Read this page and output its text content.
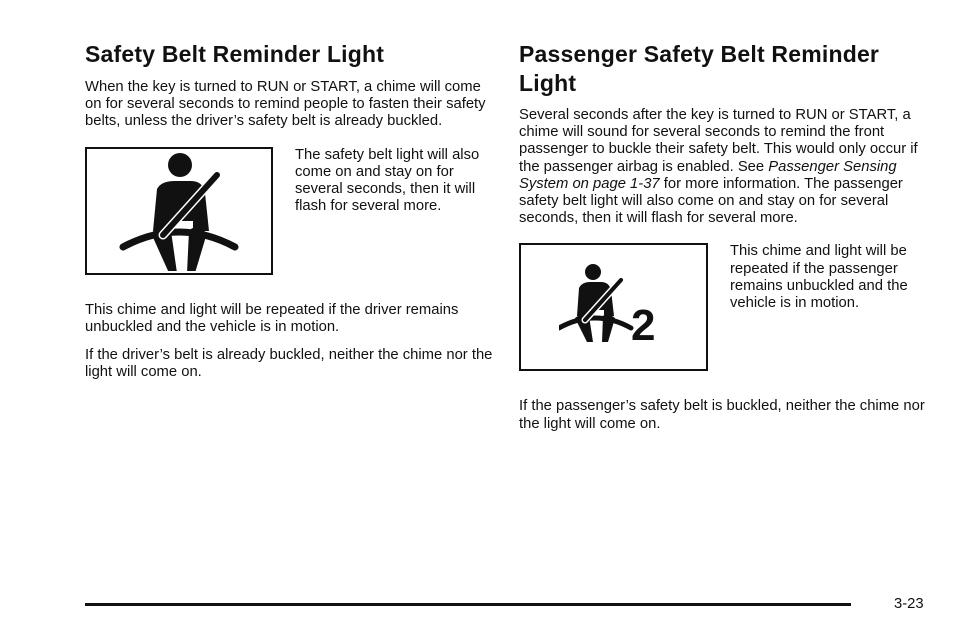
Safety Belt Reminder Light

When the key is turned to RUN or START, a chime will come on for several seconds to remind people to fasten their safety belts, unless the driver’s safety belt is already buckled.

The safety belt light will also come on and stay on for several seconds, then it will flash for several more.

This chime and light will be repeated if the driver remains unbuckled and the vehicle is in motion.

If the driver’s belt is already buckled, neither the chime nor the light will come on.

Passenger Safety Belt Reminder Light

Several seconds after the key is turned to RUN or START, a chime will sound for several seconds to remind the front passenger to buckle their safety belt. This would only occur if the passenger airbag is enabled. See Passenger Sensing System on page 1-37 for more information. The passenger safety belt light will also come on and stay on for several seconds, then it will flash for several more.

2

This chime and light will be repeated if the passenger remains unbuckled and the vehicle is in motion.

If the passenger’s safety belt is buckled, neither the chime nor the light will come on.

3-23
